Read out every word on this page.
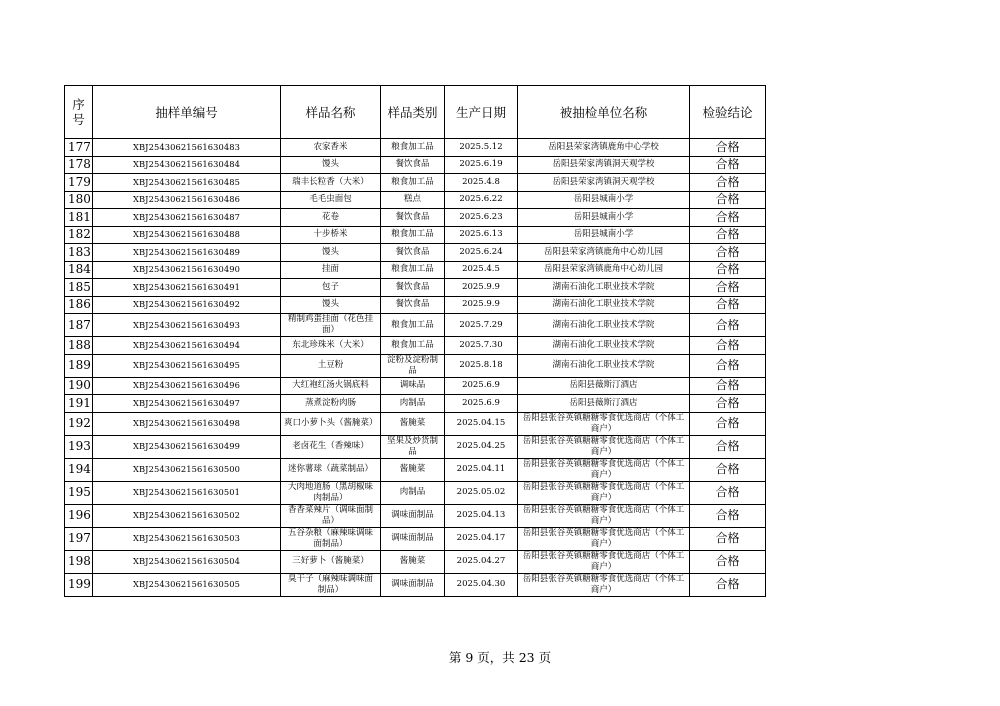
序号	抽样单编号	样品名称	样品类别	生产日期	被抽检单位名称	检验结论
177	XBJ25430621561630483	农家香米	粮食加工品	2025.5.12	岳阳县荣家湾镇鹿角中心学校	合格
178	XBJ25430621561630484	馒头	餐饮食品	2025.6.19	岳阳县荣家湾镇洞天观学校	合格
179	XBJ25430621561630485	瑞丰长粒香（大米）	粮食加工品	2025.4.8	岳阳县荣家湾镇洞天观学校	合格
180	XBJ25430621561630486	毛毛虫面包	糕点	2025.6.22	岳阳县城南小学	合格
181	XBJ25430621561630487	花卷	餐饮食品	2025.6.23	岳阳县城南小学	合格
182	XBJ25430621561630488	十步桥米	粮食加工品	2025.6.13	岳阳县城南小学	合格
183	XBJ25430621561630489	馒头	餐饮食品	2025.6.24	岳阳县荣家湾镇鹿角中心幼儿园	合格
184	XBJ25430621561630490	挂面	粮食加工品	2025.4.5	岳阳县荣家湾镇鹿角中心幼儿园	合格
185	XBJ25430621561630491	包子	餐饮食品	2025.9.9	湖南石油化工职业技术学院	合格
186	XBJ25430621561630492	馒头	餐饮食品	2025.9.9	湖南石油化工职业技术学院	合格
187	XBJ25430621561630493	精制鸡蛋挂面（花色挂面）	粮食加工品	2025.7.29	湖南石油化工职业技术学院	合格
188	XBJ25430621561630494	东北珍珠米（大米）	粮食加工品	2025.7.30	湖南石油化工职业技术学院	合格
189	XBJ25430621561630495	土豆粉	淀粉及淀粉制品	2025.8.18	湖南石油化工职业技术学院	合格
190	XBJ25430621561630496	大红袍红汤火锅底料	调味品	2025.6.9	岳阳县薇斯汀酒店	合格
191	XBJ25430621561630497	蒸煮淀粉肉肠	肉制品	2025.6.9	岳阳县薇斯汀酒店	合格
192	XBJ25430621561630498	爽口小萝卜头（酱腌菜）	酱腌菜	2025.04.15	岳阳县张谷英镇糖糖零食优选商店（个体工商户）	合格
193	XBJ25430621561630499	老卤花生（香辣味）	坚果及炒货制品	2025.04.25	岳阳县张谷英镇糖糖零食优选商店（个体工商户）	合格
194	XBJ25430621561630500	迷你薯球（蔬菜制品）	酱腌菜	2025.04.11	岳阳县张谷英镇糖糖零食优选商店（个体工商户）	合格
195	XBJ25430621561630501	大肉地道肠（黑胡椒味肉制品）	肉制品	2025.05.02	岳阳县张谷英镇糖糖零食优选商店（个体工商户）	合格
196	XBJ25430621561630502	香香菜辣片（调味面制品）	调味面制品	2025.04.13	岳阳县张谷英镇糖糖零食优选商店（个体工商户）	合格
197	XBJ25430621561630503	五谷杂粮（麻辣味调味面制品）	调味面制品	2025.04.17	岳阳县张谷英镇糖糖零食优选商店（个体工商户）	合格
198	XBJ25430621561630504	三好萝卜（酱腌菜）	酱腌菜	2025.04.27	岳阳县张谷英镇糖糖零食优选商店（个体工商户）	合格
199	XBJ25430621561630505	臭干子（麻辣味调味面制品）	调味面制品	2025.04.30	岳阳县张谷英镇糖糖零食优选商店（个体工商户）	合格
第 9 页，共 23 页
